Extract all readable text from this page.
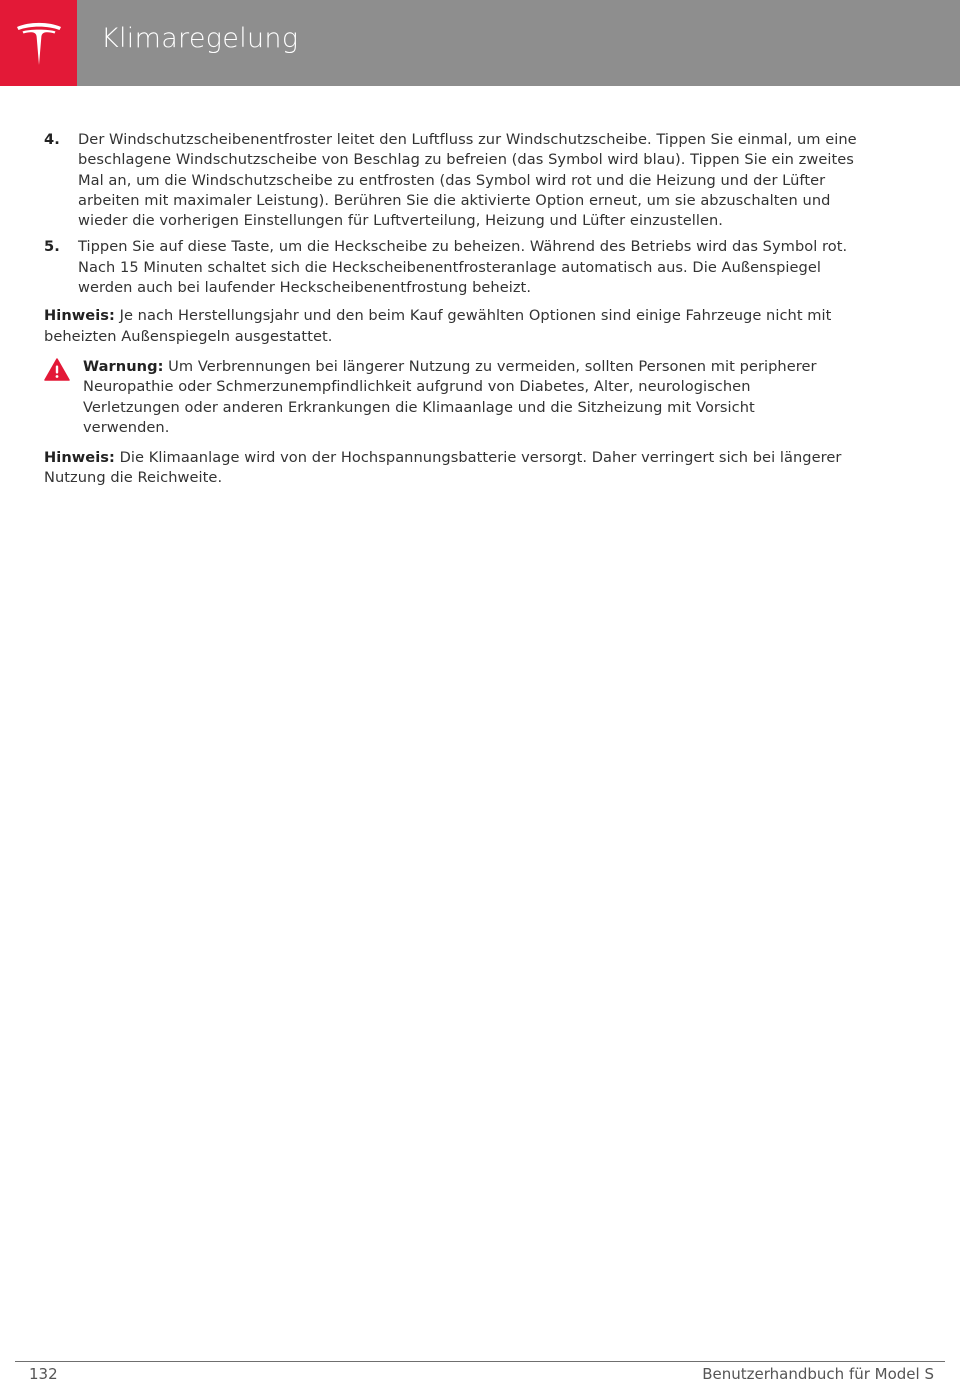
Klimaregelung
4.	Der Windschutzscheibenentfroster leitet den Luftfluss zur Windschutzscheibe. Tippen Sie einmal, um eine beschlagene Windschutzscheibe von Beschlag zu befreien (das Symbol wird blau). Tippen Sie ein zweites Mal an, um die Windschutzscheibe zu entfrosten (das Symbol wird rot und die Heizung und der Lüfter arbeiten mit maximaler Leistung). Berühren Sie die aktivierte Option erneut, um sie abzuschalten und wieder die vorherigen Einstellungen für Luftverteilung, Heizung und Lüfter einzustellen.
5.	Tippen Sie auf diese Taste, um die Heckscheibe zu beheizen. Während des Betriebs wird das Symbol rot. Nach 15 Minuten schaltet sich die Heckscheibenentfrosteranlage automatisch aus. Die Außenspiegel werden auch bei laufender Heckscheibenentfrostung beheizt.
Hinweis: Je nach Herstellungsjahr und den beim Kauf gewählten Optionen sind einige Fahrzeuge nicht mit beheizten Außenspiegeln ausgestattet.
Warnung: Um Verbrennungen bei längerer Nutzung zu vermeiden, sollten Personen mit peripherer Neuropathie oder Schmerzunempfindlichkeit aufgrund von Diabetes, Alter, neurologischen Verletzungen oder anderen Erkrankungen die Klimaanlage und die Sitzheizung mit Vorsicht verwenden.
Hinweis: Die Klimaanlage wird von der Hochspannungsbatterie versorgt. Daher verringert sich bei längerer Nutzung die Reichweite.
132	Benutzerhandbuch für Model S
